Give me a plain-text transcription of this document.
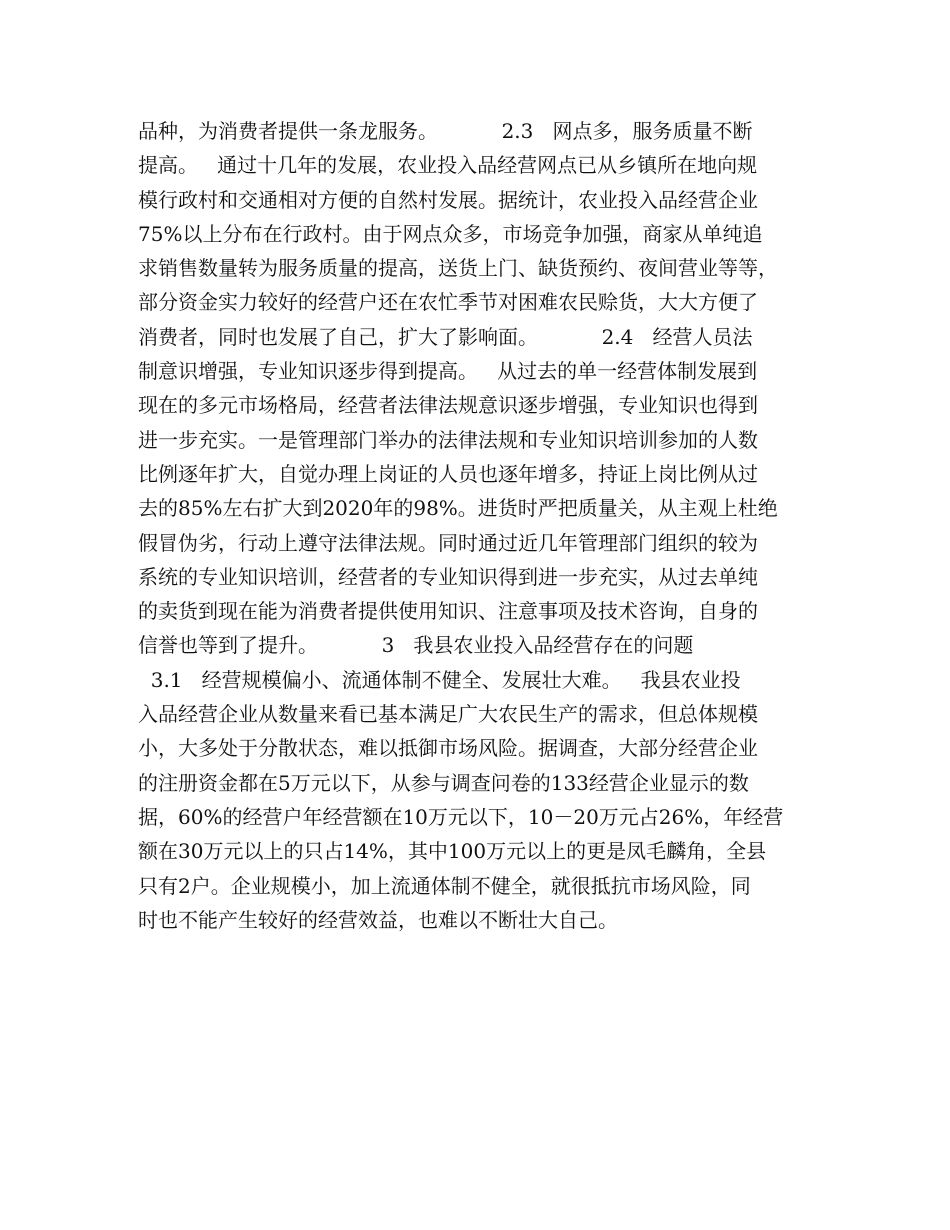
品种，为消费者提供一条龙服务。          2.3   网点多，服务质量不断
提高。   通过十几年的发展，农业投入品经营网点已从乡镇所在地向规
模行政村和交通相对方便的自然村发展。据统计，农业投入品经营企业
75%以上分布在行政村。由于网点众多，市场竞争加强，商家从单纯追
求销售数量转为服务质量的提高，送货上门、缺货预约、夜间营业等等，
部分资金实力较好的经营户还在农忙季节对困难农民赊货，大大方便了
消费者，同时也发展了自己，扩大了影响面。          2.4   经营人员法
制意识增强，专业知识逐步得到提高。   从过去的单一经营体制发展到
现在的多元市场格局，经营者法律法规意识逐步增强，专业知识也得到
进一步充实。一是管理部门举办的法律法规和专业知识培训参加的人数
比例逐年扩大，自觉办理上岗证的人员也逐年增多，持证上岗比例从过
去的85%左右扩大到2020年的98%。进货时严把质量关，从主观上杜绝
假冒伪劣，行动上遵守法律法规。同时通过近几年管理部门组织的较为
系统的专业知识培训，经营者的专业知识得到进一步充实，从过去单纯
的卖货到现在能为消费者提供使用知识、注意事项及技术咨询，自身的
信誉也等到了提升。          3   我县农业投入品经营存在的问题
3.1   经营规模偏小、流通体制不健全、发展壮大难。   我县农业投
入品经营企业从数量来看已基本满足广大农民生产的需求，但总体规模
小，大多处于分散状态，难以抵御市场风险。据调查，大部分经营企业
的注册资金都在5万元以下，从参与调查问卷的133经营企业显示的数
据，60%的经营户年经营额在10万元以下，10－20万元占26%，年经营
额在30万元以上的只占14%，其中100万元以上的更是凤毛麟角，全县
只有2户。企业规模小，加上流通体制不健全，就很抵抗市场风险，同
时也不能产生较好的经营效益，也难以不断壮大自己。
